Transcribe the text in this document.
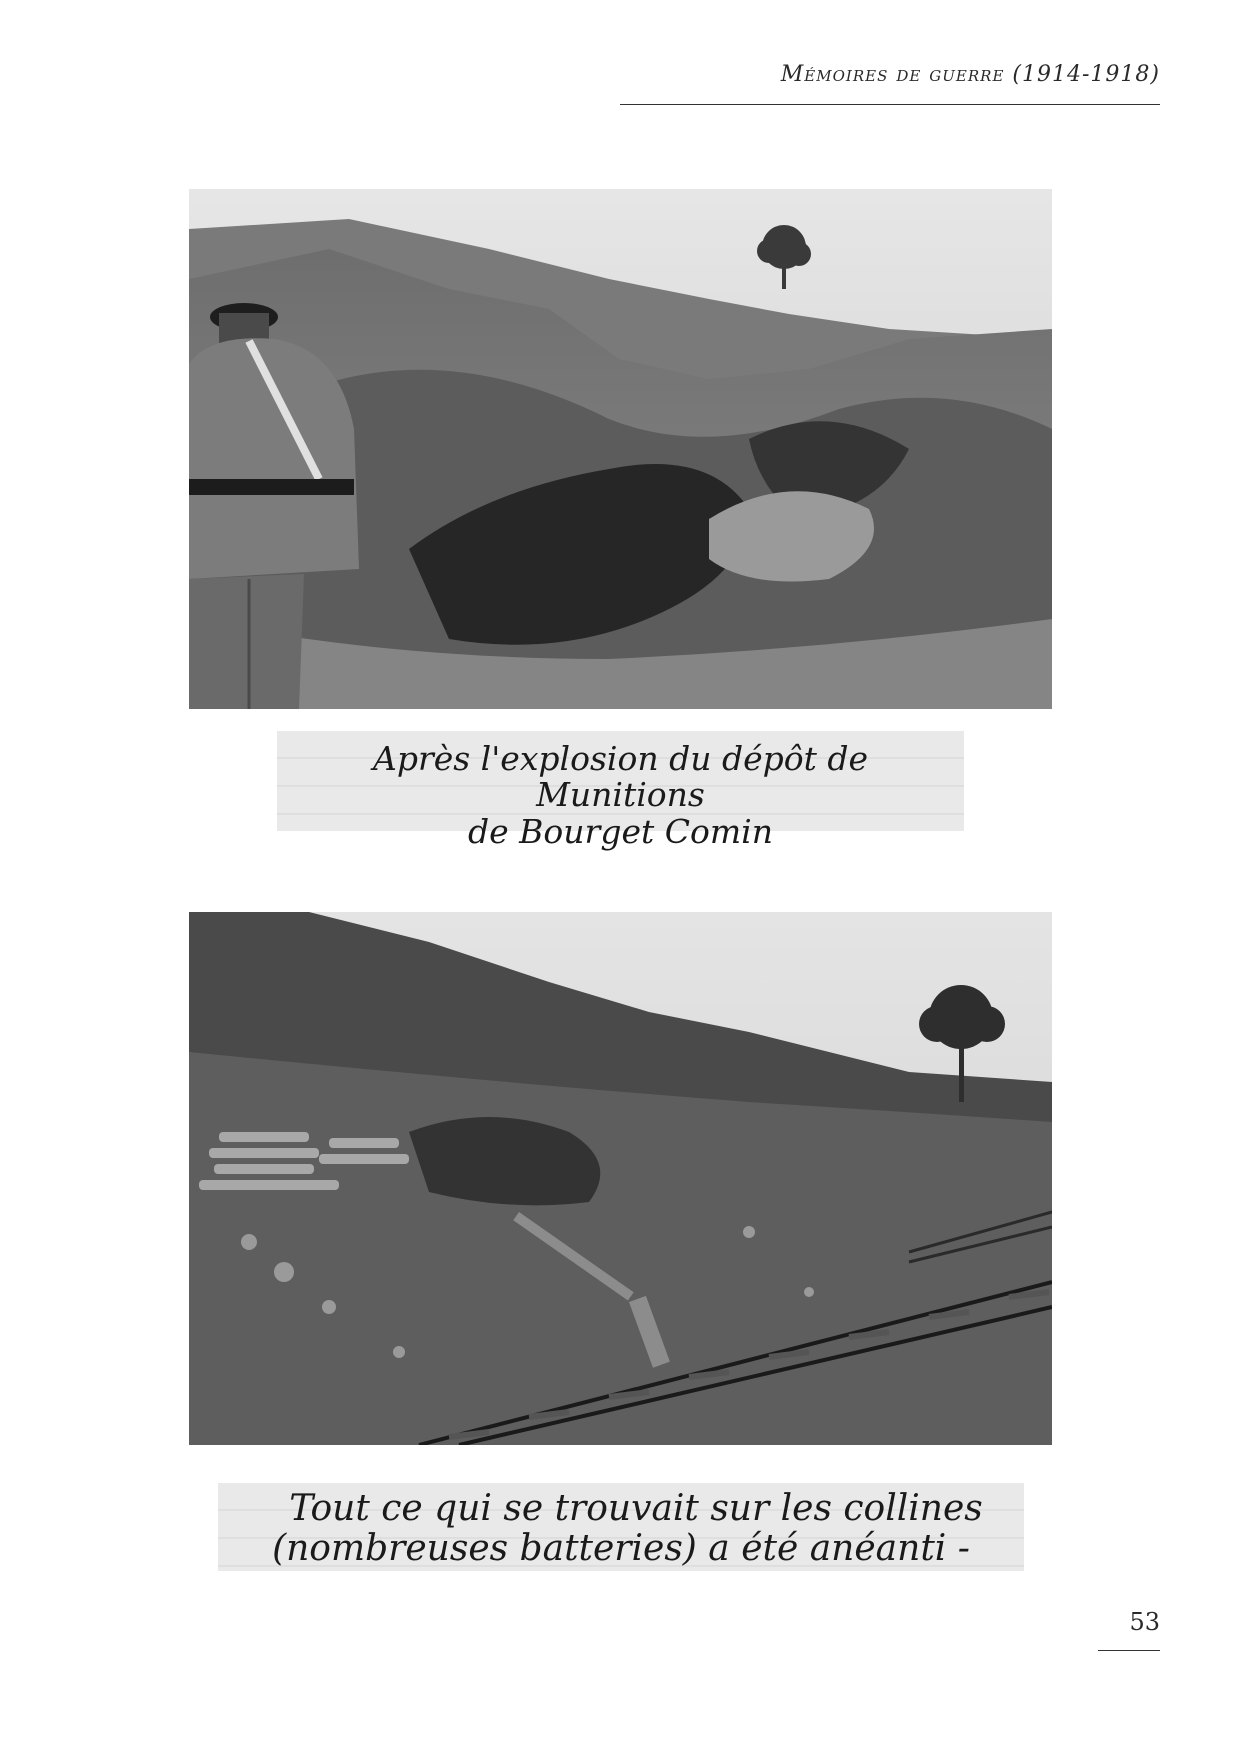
Mémoires de guerre (1914-1918)
Après l'explosion du dépôt de Munitions
de Bourget Comin
Tout ce qui se trouvait sur les collines
(nombreuses batteries) a été anéanti -
53
